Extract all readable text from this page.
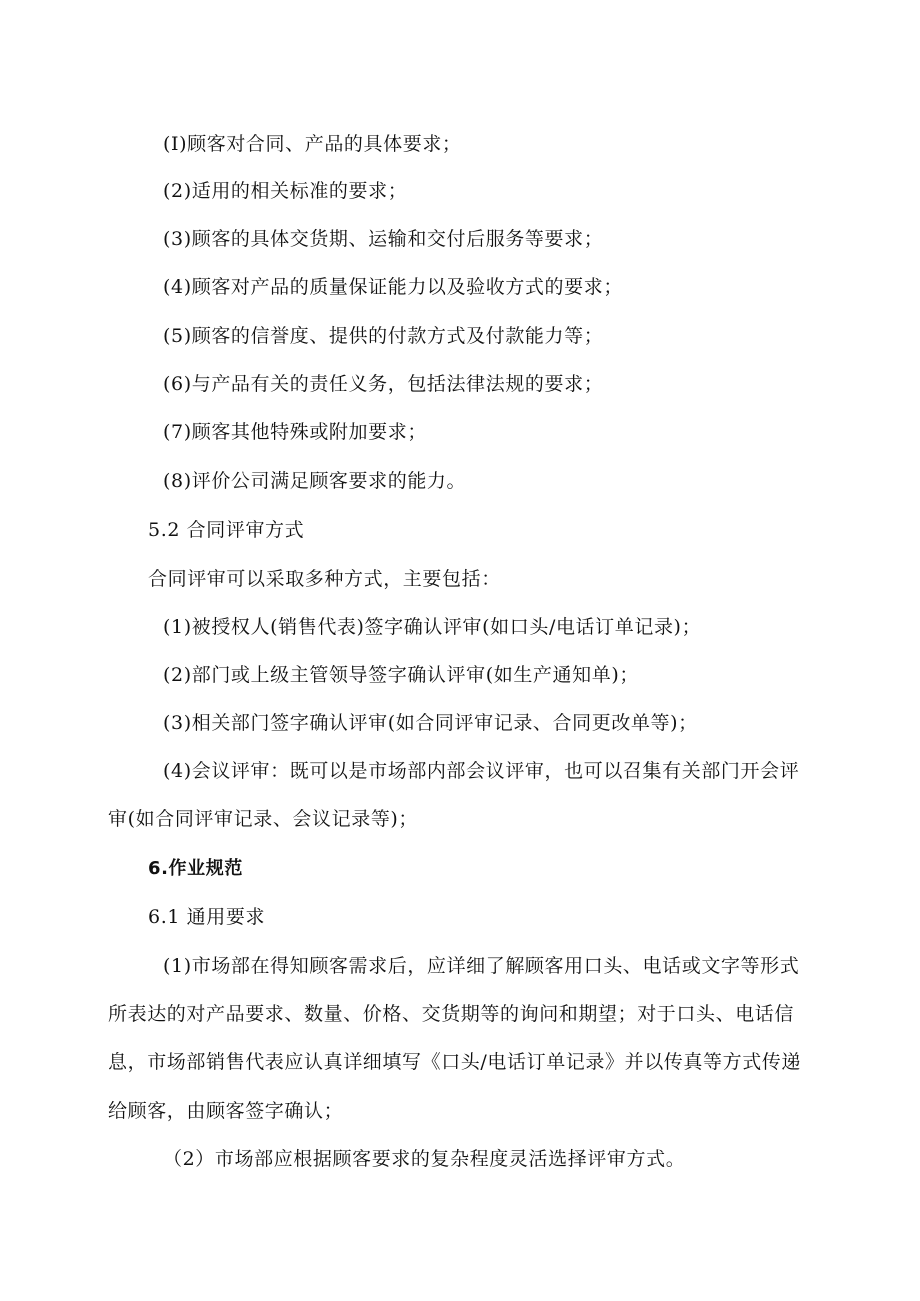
(I)顾客对合同、产品的具体要求；
(2)适用的相关标准的要求；
(3)顾客的具体交货期、运输和交付后服务等要求；
(4)顾客对产品的质量保证能力以及验收方式的要求；
(5)顾客的信誉度、提供的付款方式及付款能力等；
(6)与产品有关的责任义务，包括法律法规的要求；
(7)顾客其他特殊或附加要求；
(8)评价公司满足顾客要求的能力。
5.2 合同评审方式
合同评审可以采取多种方式，主要包括：
(1)被授权人(销售代表)签字确认评审(如口头/电话订单记录)；
(2)部门或上级主管领导签字确认评审(如生产通知单)；
(3)相关部门签字确认评审(如合同评审记录、合同更改单等)；
(4)会议评审：既可以是市场部内部会议评审，也可以召集有关部门开会评
审(如合同评审记录、会议记录等)；
6.作业规范
6.1 通用要求
(1)市场部在得知顾客需求后，应详细了解顾客用口头、电话或文字等形式
所表达的对产品要求、数量、价格、交货期等的询问和期望；对于口头、电话信
息，市场部销售代表应认真详细填写《口头/电话订单记录》并以传真等方式传递
给顾客，由顾客签字确认；
（2）市场部应根据顾客要求的复杂程度灵活选择评审方式。
